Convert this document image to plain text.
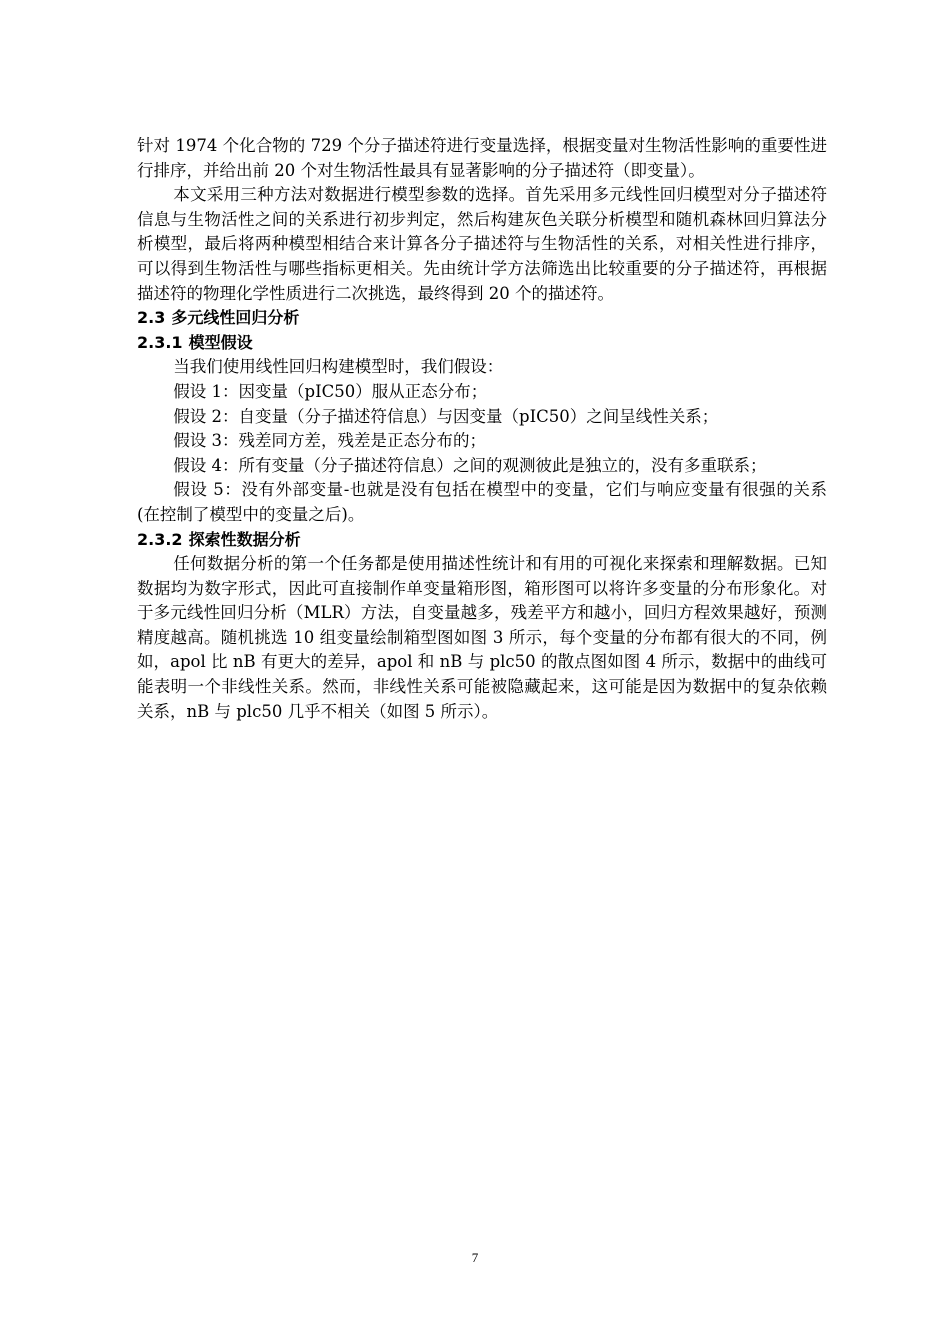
针对 1974 个化合物的 729 个分子描述符进行变量选择，根据变量对生物活性影响的重要性进行排序，并给出前 20 个对生物活性最具有显著影响的分子描述符（即变量）。

本文采用三种方法对数据进行模型参数的选择。首先采用多元线性回归模型对分子描述符信息与生物活性之间的关系进行初步判定，然后构建灰色关联分析模型和随机森林回归算法分析模型，最后将两种模型相结合来计算各分子描述符与生物活性的关系，对相关性进行排序，可以得到生物活性与哪些指标更相关。先由统计学方法筛选出比较重要的分子描述符，再根据描述符的物理化学性质进行二次挑选，最终得到 20 个的描述符。

2.3 多元线性回归分析
2.3.1 模型假设

当我们使用线性回归构建模型时，我们假设：

假设 1：因变量（pIC50）服从正态分布；

假设 2：自变量（分子描述符信息）与因变量（pIC50）之间呈线性关系；

假设 3：残差同方差，残差是正态分布的；

假设 4：所有变量（分子描述符信息）之间的观测彼此是独立的，没有多重联系；

假设 5：没有外部变量-也就是没有包括在模型中的变量，它们与响应变量有很强的关系(在控制了模型中的变量之后)。

2.3.2 探索性数据分析

任何数据分析的第一个任务都是使用描述性统计和有用的可视化来探索和理解数据。已知数据均为数字形式，因此可直接制作单变量箱形图，箱形图可以将许多变量的分布形象化。对于多元线性回归分析（MLR）方法，自变量越多，残差平方和越小，回归方程效果越好，预测精度越高。随机挑选 10 组变量绘制箱型图如图 3 所示，每个变量的分布都有很大的不同，例如，apol 比 nB 有更大的差异，apol 和 nB 与 plc50 的散点图如图 4 所示，数据中的曲线可能表明一个非线性关系。然而，非线性关系可能被隐藏起来，这可能是因为数据中的复杂依赖关系，nB 与 plc50 几乎不相关（如图 5 所示）。

7
